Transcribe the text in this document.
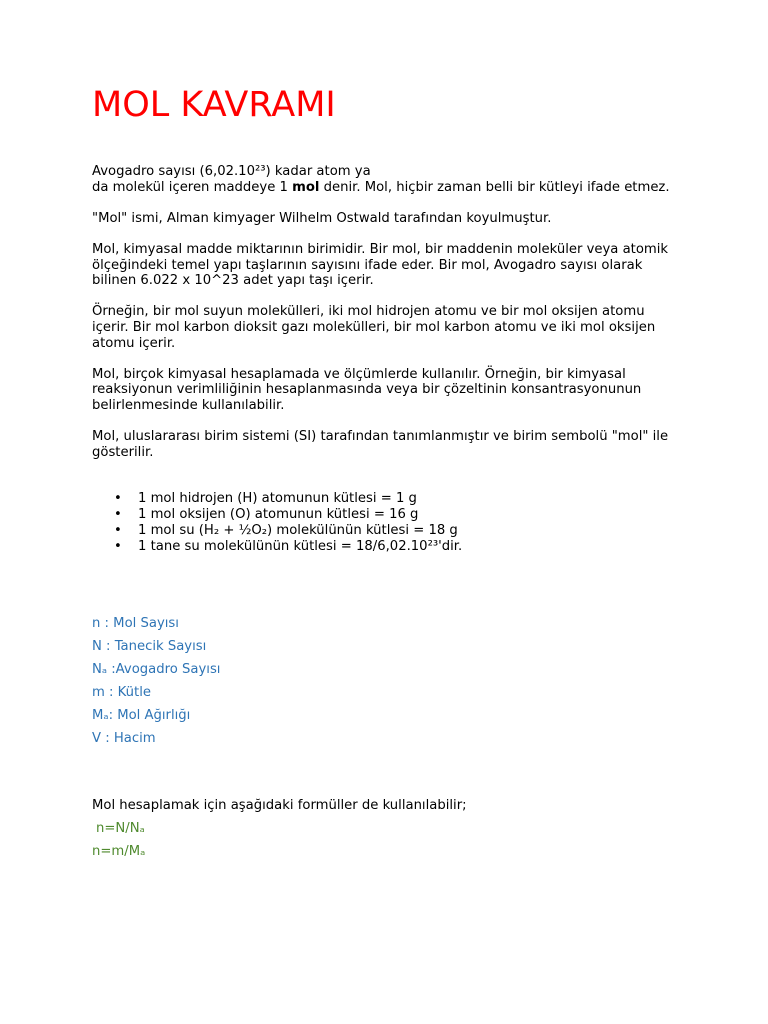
MOL KAVRAMI

Avogadro sayısı (6,02.10²³) kadar atom ya
da molekül içeren maddeye 1 mol denir. Mol, hiçbir zaman belli bir kütleyi ifade etmez.

"Mol" ismi, Alman kimyager Wilhelm Ostwald tarafından koyulmuştur.

Mol, kimyasal madde miktarının birimidir. Bir mol, bir maddenin moleküler veya atomik ölçeğindeki temel yapı taşlarının sayısını ifade eder. Bir mol, Avogadro sayısı olarak bilinen 6.022 x 10^23 adet yapı taşı içerir.

Örneğin, bir mol suyun molekülleri, iki mol hidrojen atomu ve bir mol oksijen atomu içerir. Bir mol karbon dioksit gazı molekülleri, bir mol karbon atomu ve iki mol oksijen atomu içerir.

Mol, birçok kimyasal hesaplamada ve ölçümlerde kullanılır. Örneğin, bir kimyasal reaksiyonun verimliliğinin hesaplanmasında veya bir çözeltinin konsantrasyonunun belirlenmesinde kullanılabilir.

Mol, uluslararası birim sistemi (SI) tarafından tanımlanmıştır ve birim sembolü "mol" ile gösterilir.

• 1 mol hidrojen (H) atomunun kütlesi = 1 g
• 1 mol oksijen (O) atomunun kütlesi = 16 g
• 1 mol su (H₂ + ½O₂) molekülünün kütlesi = 18 g
• 1 tane su molekülünün kütlesi = 18/6,02.10²³'dir.
n : Mol Sayısı
N : Tanecik Sayısı
Nₐ :Avogadro Sayısı
m : Kütle
Mₐ: Mol Ağırlığı
V : Hacim
Mol hesaplamak için aşağıdaki formüller de kullanılabilir;
n=N/Nₐ
n=m/Mₐ
